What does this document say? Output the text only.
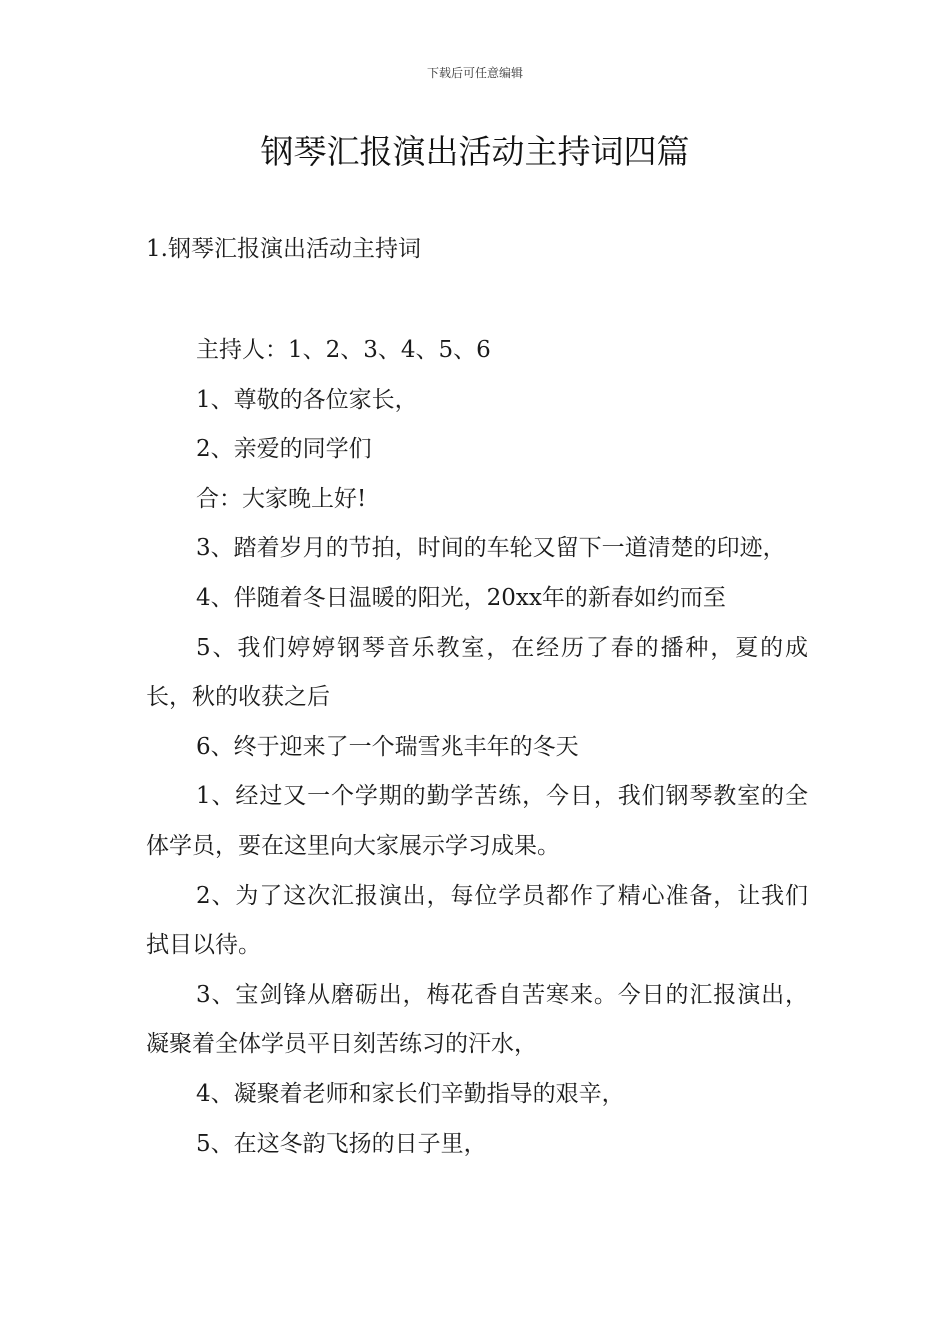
下载后可任意编辑
钢琴汇报演出活动主持词四篇
1.钢琴汇报演出活动主持词

主持人：1、2、3、4、5、6

1、尊敬的各位家长，

2、亲爱的同学们

合：大家晚上好!

3、踏着岁月的节拍，时间的车轮又留下一道清楚的印迹，

4、伴随着冬日温暖的阳光，20xx年的新春如约而至

5、我们婷婷钢琴音乐教室，在经历了春的播种，夏的成长，秋的收获之后

6、终于迎来了一个瑞雪兆丰年的冬天

1、经过又一个学期的勤学苦练，今日，我们钢琴教室的全体学员，要在这里向大家展示学习成果。

2、为了这次汇报演出，每位学员都作了精心准备，让我们拭目以待。

3、宝剑锋从磨砺出，梅花香自苦寒来。今日的汇报演出，凝聚着全体学员平日刻苦练习的汗水，

4、凝聚着老师和家长们辛勤指导的艰辛，

5、在这冬韵飞扬的日子里，
